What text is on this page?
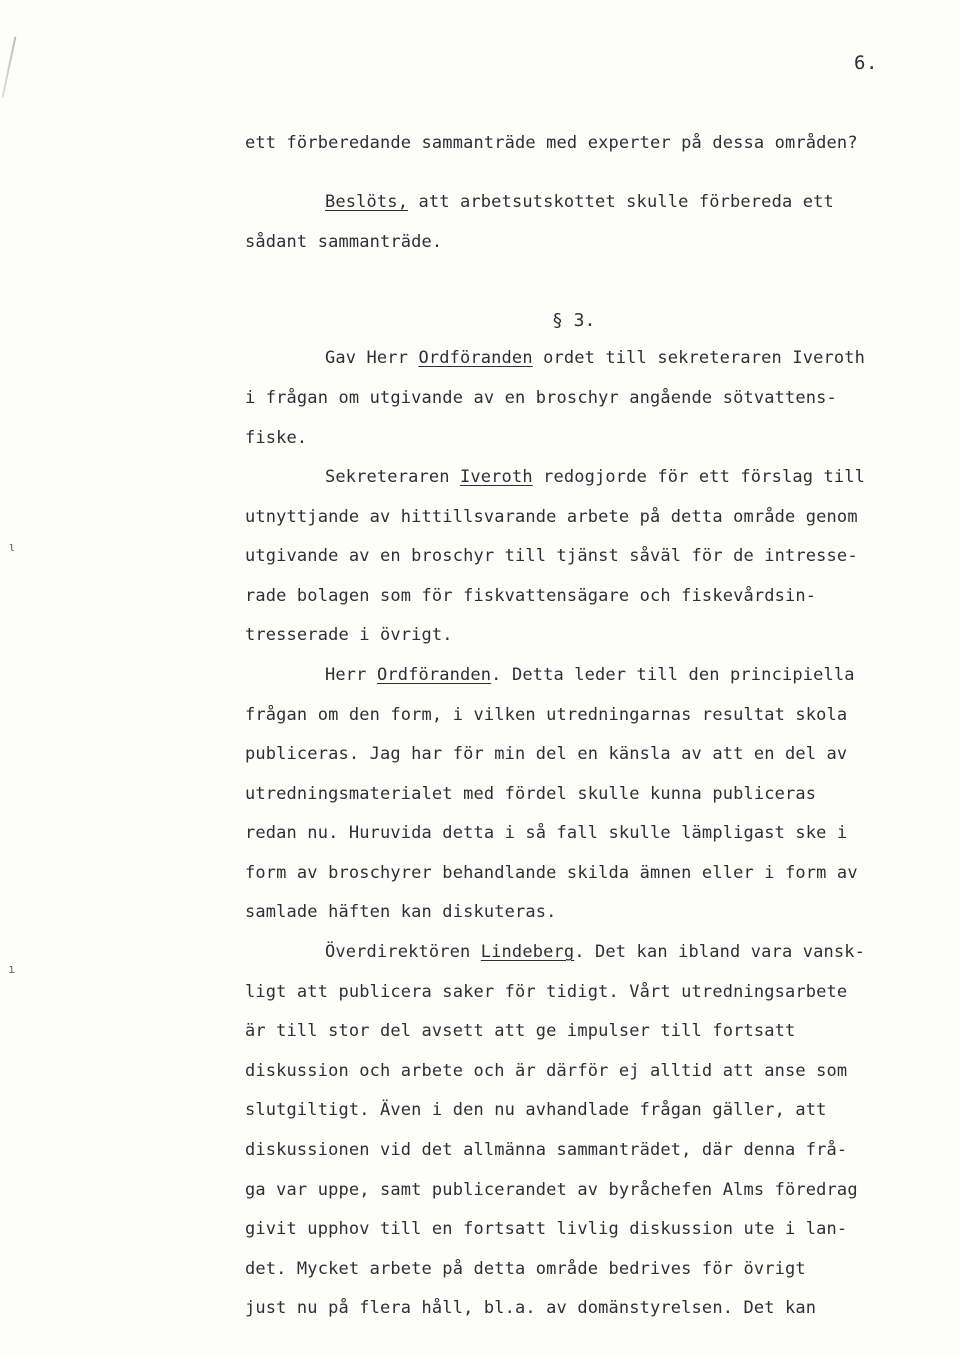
ι
ı
6.
§ 3.
ett förberedande sammanträde med experter på dessa områden?
Beslöts, att arbetsutskottet skulle förbereda ett
sådant sammanträde.
Gav Herr Ordföranden ordet till sekreteraren Iveroth
i frågan om utgivande av en broschyr angående sötvattens-
fiske.
Sekreteraren Iveroth redogjorde för ett förslag till
utnyttjande av hittillsvarande arbete på detta område genom
utgivande av en broschyr till tjänst såväl för de intresse-
rade bolagen som för fiskvattensägare och fiskevårdsin-
tresserade i övrigt.
Herr Ordföranden. Detta leder till den principiella
frågan om den form, i vilken utredningarnas resultat skola
publiceras. Jag har för min del en känsla av att en del av
utredningsmaterialet med fördel skulle kunna publiceras
redan nu. Huruvida detta i så fall skulle lämpligast ske i
form av broschyrer behandlande skilda ämnen eller i form av
samlade häften kan diskuteras.
Överdirektören Lindeberg. Det kan ibland vara vansk-
ligt att publicera saker för tidigt. Vårt utredningsarbete
är till stor del avsett att ge impulser till fortsatt
diskussion och arbete och är därför ej alltid att anse som
slutgiltigt. Även i den nu avhandlade frågan gäller, att
diskussionen vid det allmänna sammanträdet, där denna frå-
ga var uppe, samt publicerandet av byråchefen Alms föredrag
givit upphov till en fortsatt livlig diskussion ute i lan-
det. Mycket arbete på detta område bedrives för övrigt
just nu på flera håll, bl.a. av domänstyrelsen. Det kan
